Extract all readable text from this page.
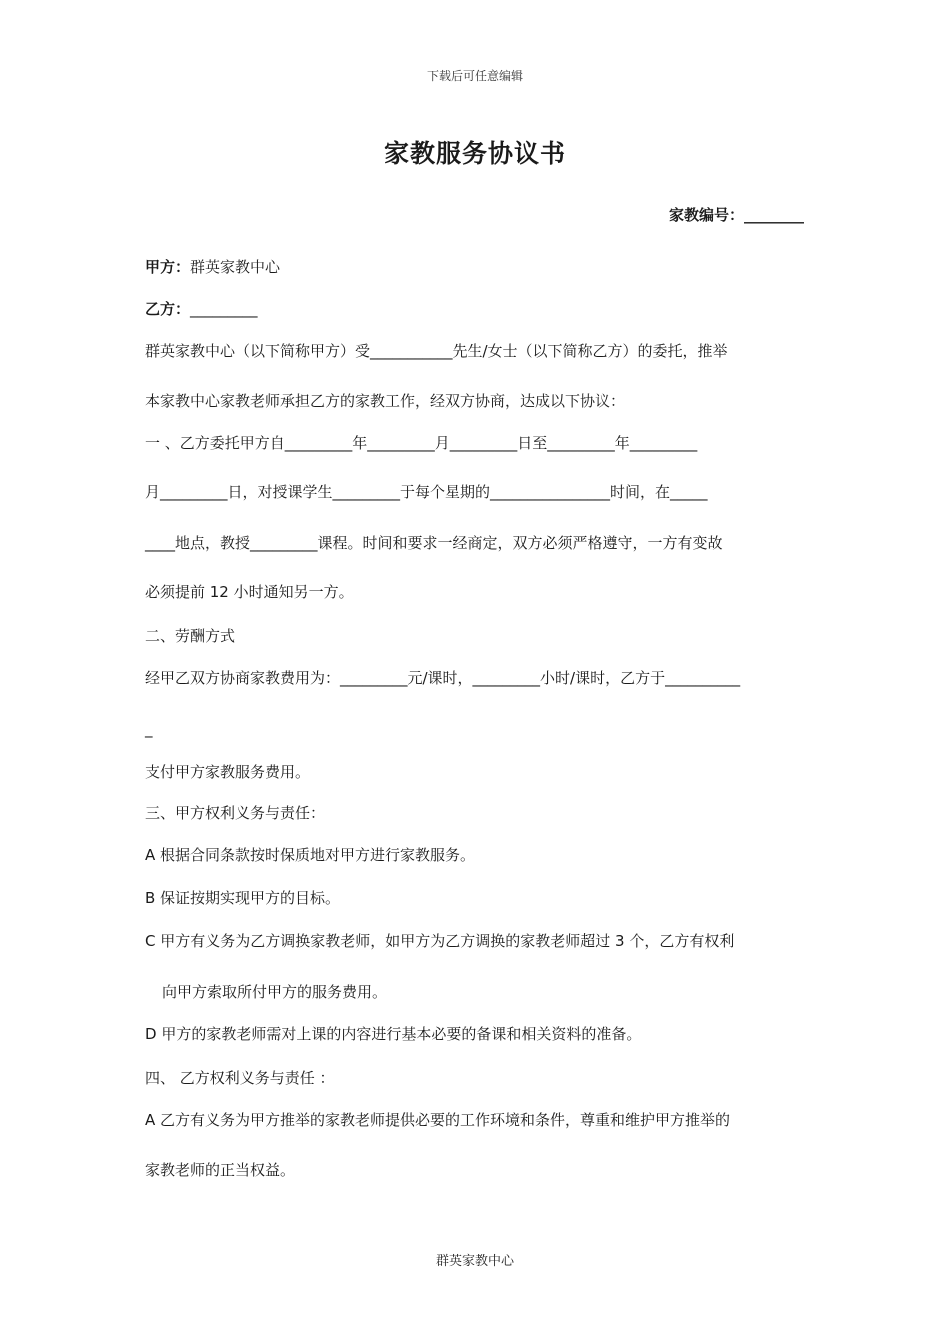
下载后可任意编辑
家教服务协议书
家教编号：________
甲方：群英家教中心
乙方：_________
群英家教中心（以下简称甲方）受___________先生/女士（以下简称乙方）的委托，推举
本家教中心家教老师承担乙方的家教工作，经双方协商，达成以下协议：
一 、乙方委托甲方自_________年_________月_________日至_________年_________
月_________日，对授课学生_________于每个星期的________________时间，在_____
____地点，教授_________课程。时间和要求一经商定，双方必须严格遵守，一方有变故
必须提前 12 小时通知另一方。
二、劳酬方式
经甲乙双方协商家教费用为：_________元/课时，_________小时/课时，乙方于__________
_
支付甲方家教服务费用。
三、甲方权利义务与责任：
A 根据合同条款按时保质地对甲方进行家教服务。
B 保证按期实现甲方的目标。
C 甲方有义务为乙方调换家教老师，如甲方为乙方调换的家教老师超过 3 个，乙方有权利
向甲方索取所付甲方的服务费用。
D 甲方的家教老师需对上课的内容进行基本必要的备课和相关资料的准备。
四、 乙方权利义务与责任 ：
A 乙方有义务为甲方推举的家教老师提供必要的工作环境和条件，尊重和维护甲方推举的
家教老师的正当权益。
群英家教中心
